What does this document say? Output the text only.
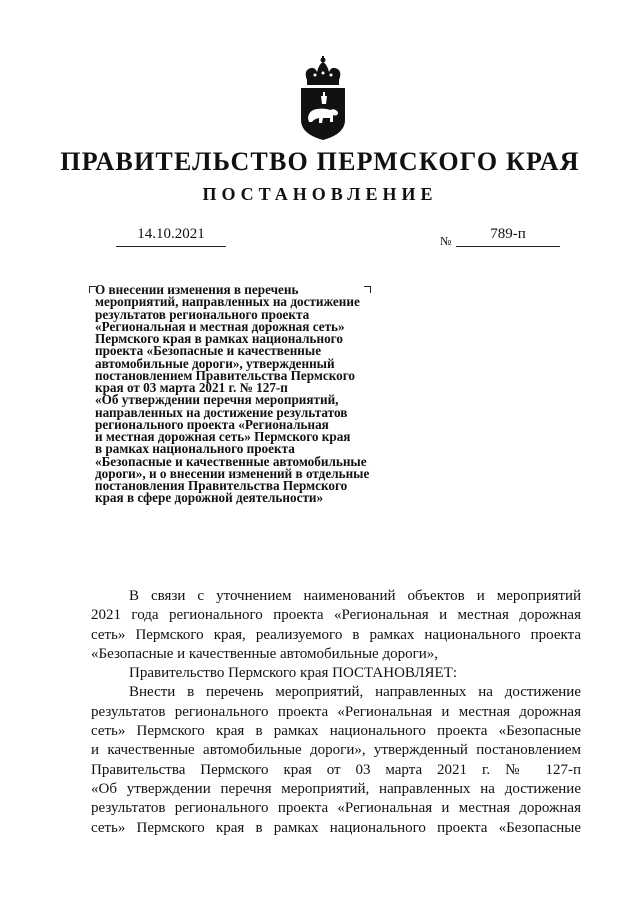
ПРАВИТЕЛЬСТВО ПЕРМСКОГО КРАЯ
ПОСТАНОВЛЕНИЕ
14.10.2021	№	789-п
О внесении изменения в перечень
мероприятий, направленных на достижение
результатов регионального проекта
«Региональная и местная дорожная сеть»
Пермского края в рамках национального
проекта «Безопасные и качественные
автомобильные дороги», утвержденный
постановлением Правительства Пермского
края от 03 марта 2021 г. № 127-п
«Об утверждении перечня мероприятий,
направленных на достижение результатов
регионального проекта «Региональная
и местная дорожная сеть» Пермского края
в рамках национального проекта
«Безопасные и качественные автомобильные
дороги», и о внесении изменений в отдельные
постановления Правительства Пермского
края в сфере дорожной деятельности»

В связи с уточнением наименований объектов и мероприятий

2021 года регионального проекта «Региональная и местная дорожная

сеть» Пермского края, реализуемого в рамках национального проекта

«Безопасные и качественные автомобильные дороги»,

Правительство Пермского края ПОСТАНОВЛЯЕТ:

Внести в перечень мероприятий, направленных на достижение

результатов регионального проекта «Региональная и местная дорожная

сеть» Пермского края в рамках национального проекта «Безопасные

и качественные автомобильные дороги», утвержденный постановлением

Правительства Пермского края от 03 марта 2021 г. № 127-п

«Об утверждении перечня мероприятий, направленных на достижение

результатов регионального проекта «Региональная и местная дорожная

сеть» Пермского края в рамках национального проекта «Безопасные
